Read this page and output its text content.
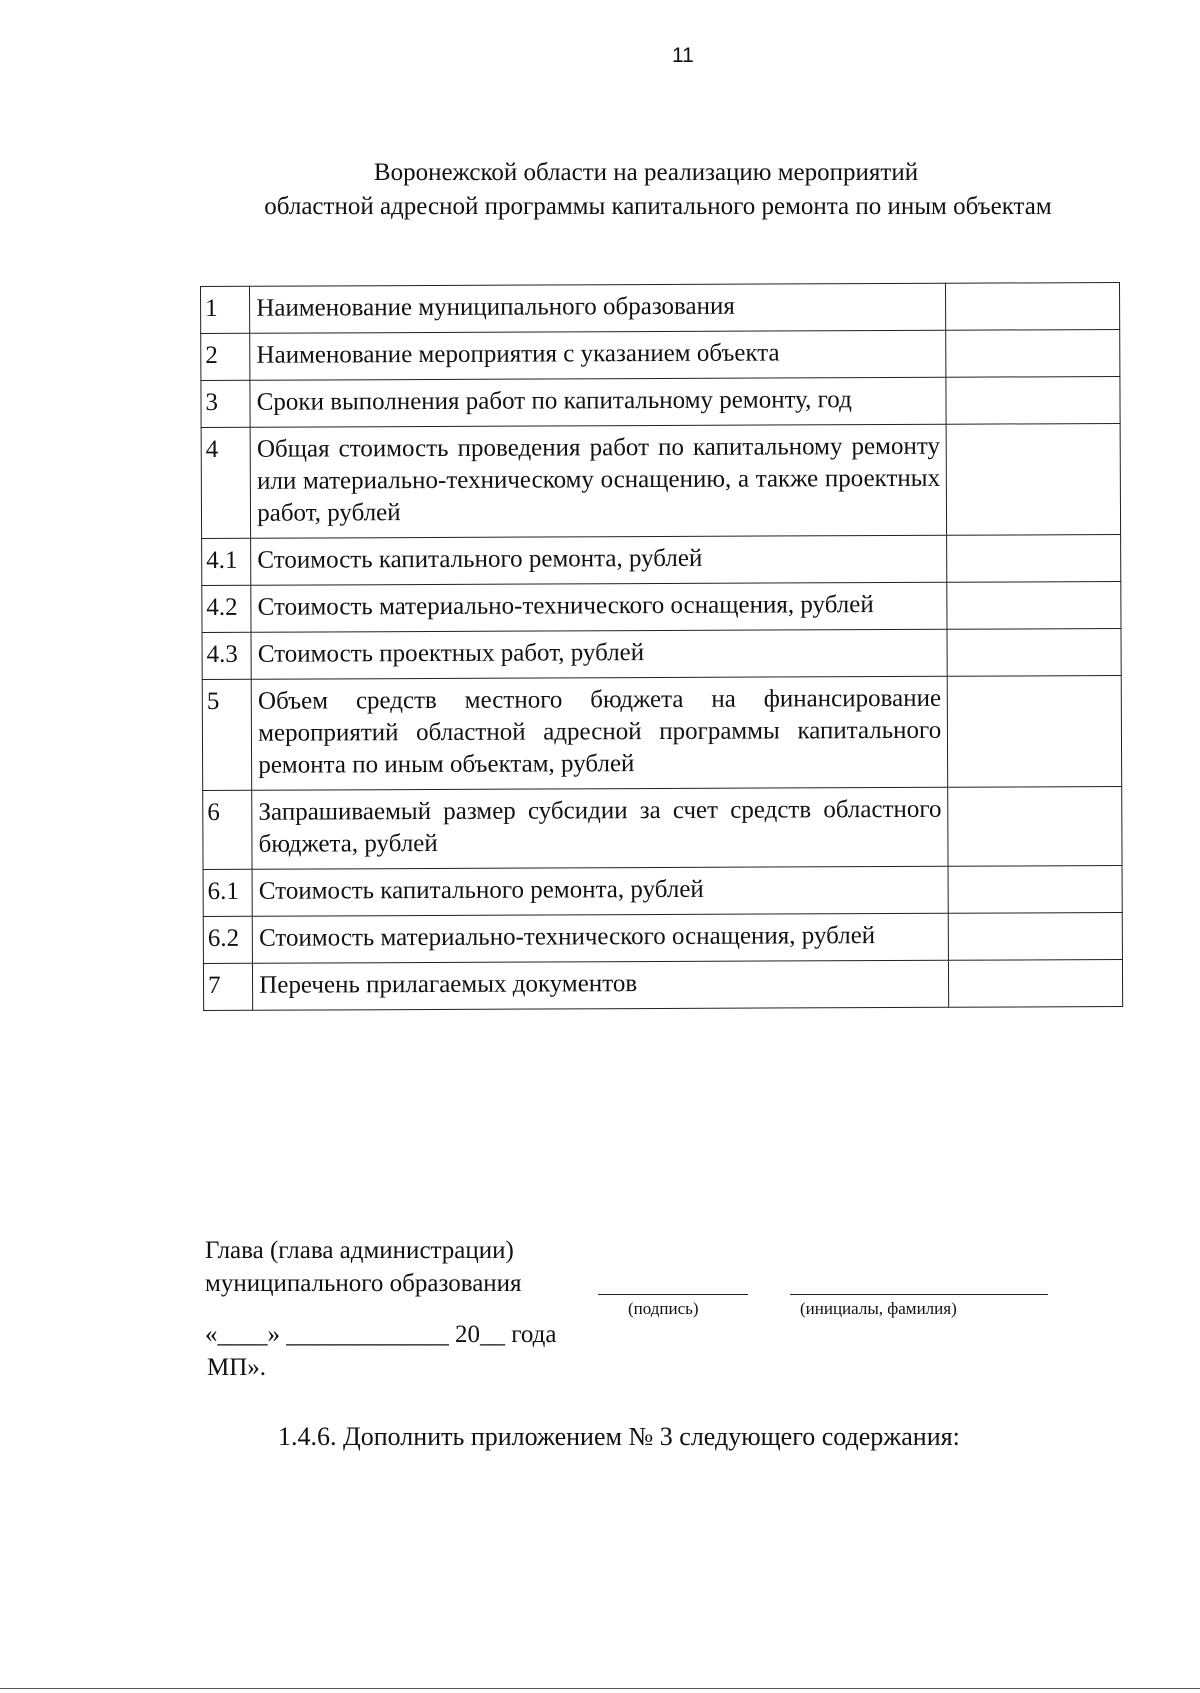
11
Воронежской области на реализацию мероприятий
областной адресной программы капитального ремонта по иным объектам
1	Наименование муниципального образования	
2	Наименование мероприятия с указанием объекта	
3	Сроки выполнения работ по капитальному ремонту, год	
4	Общая стоимость проведения работ по капитальному ремонту или материально-техническому оснащению, а также проектных работ, рублей	
4.1	Стоимость капитального ремонта, рублей	
4.2	Стоимость материально-технического оснащения, рублей	
4.3	Стоимость проектных работ, рублей	
5	Объем средств местного бюджета на финансирование мероприятий областной адресной программы капитального ремонта по иным объектам, рублей	
6	Запрашиваемый размер субсидии за счет средств областного бюджета, рублей	
6.1	Стоимость капитального ремонта, рублей	
6.2	Стоимость материально-технического оснащения, рублей	
7	Перечень прилагаемых документов	
Глава (глава администрации)
муниципального образования
(подпись)	(инициалы, фамилия)
«____» _____________ 20__ года
МП».
1.4.6. Дополнить приложением № 3 следующего содержания:
